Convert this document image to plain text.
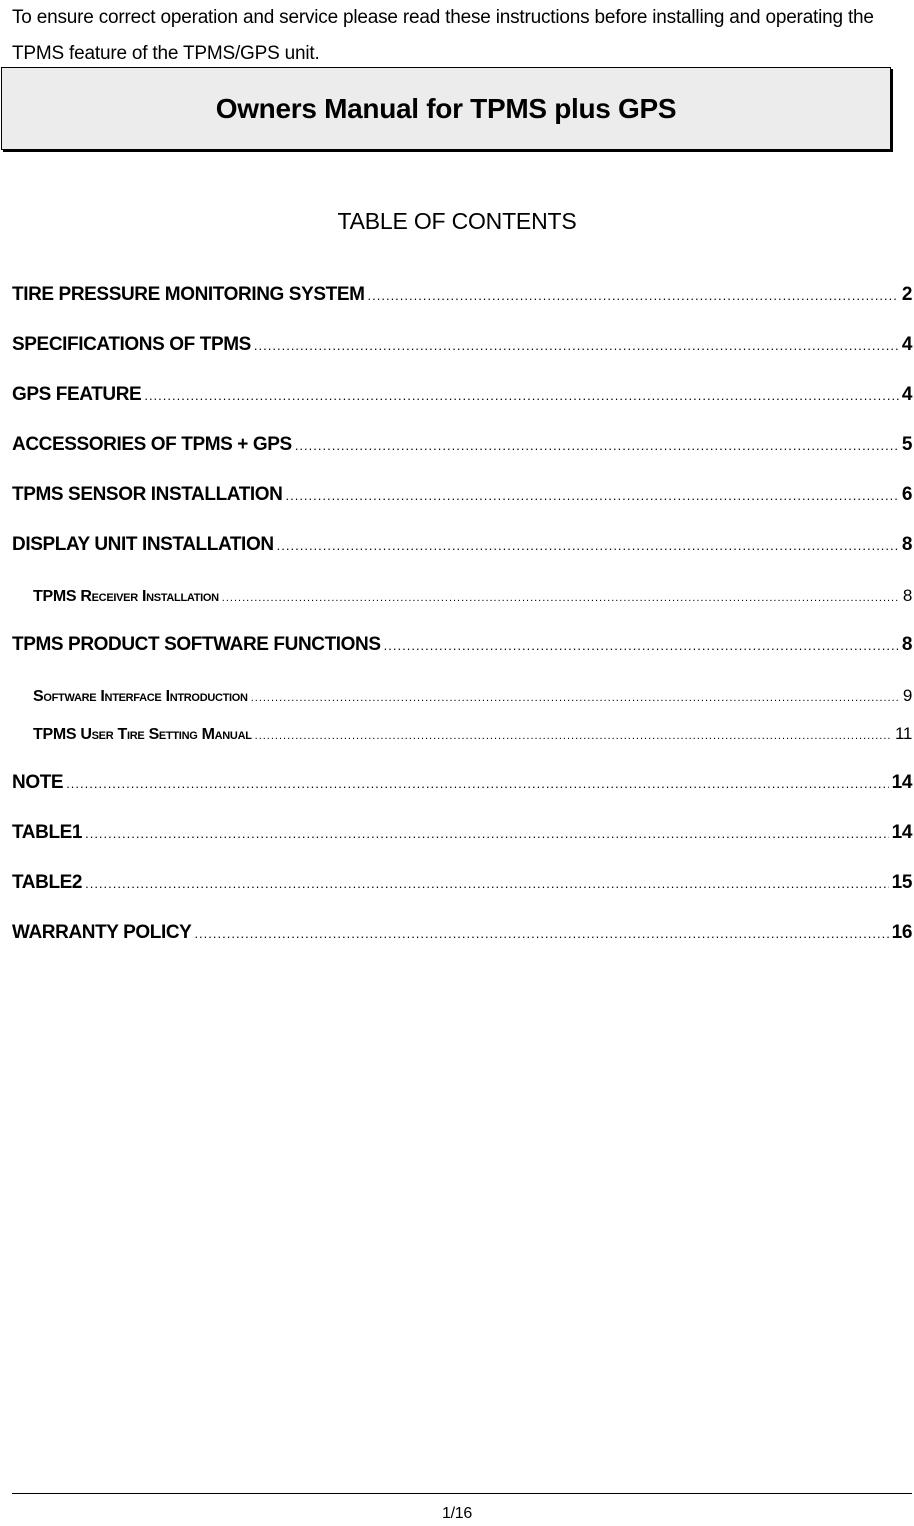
To ensure correct operation and service please read these instructions before installing and operating the TPMS feature of the TPMS/GPS unit.
Owners Manual for TPMS plus GPS
TABLE OF CONTENTS
TIRE PRESSURE MONITORING SYSTEM .....	2
SPECIFICATIONS OF TPMS .....	4
GPS FEATURE .....	4
ACCESSORIES OF TPMS + GPS .....	5
TPMS SENSOR INSTALLATION .....	6
DISPLAY UNIT INSTALLATION .....	8
TPMS Receiver Installation .....	8
TPMS PRODUCT SOFTWARE FUNCTIONS .....	8
Software Interface Introduction .....	9
TPMS User Tire Setting Manual .....	11
NOTE .....	14
TABLE1 .....	14
TABLE2 .....	15
WARRANTY POLICY .....	16
1/16
